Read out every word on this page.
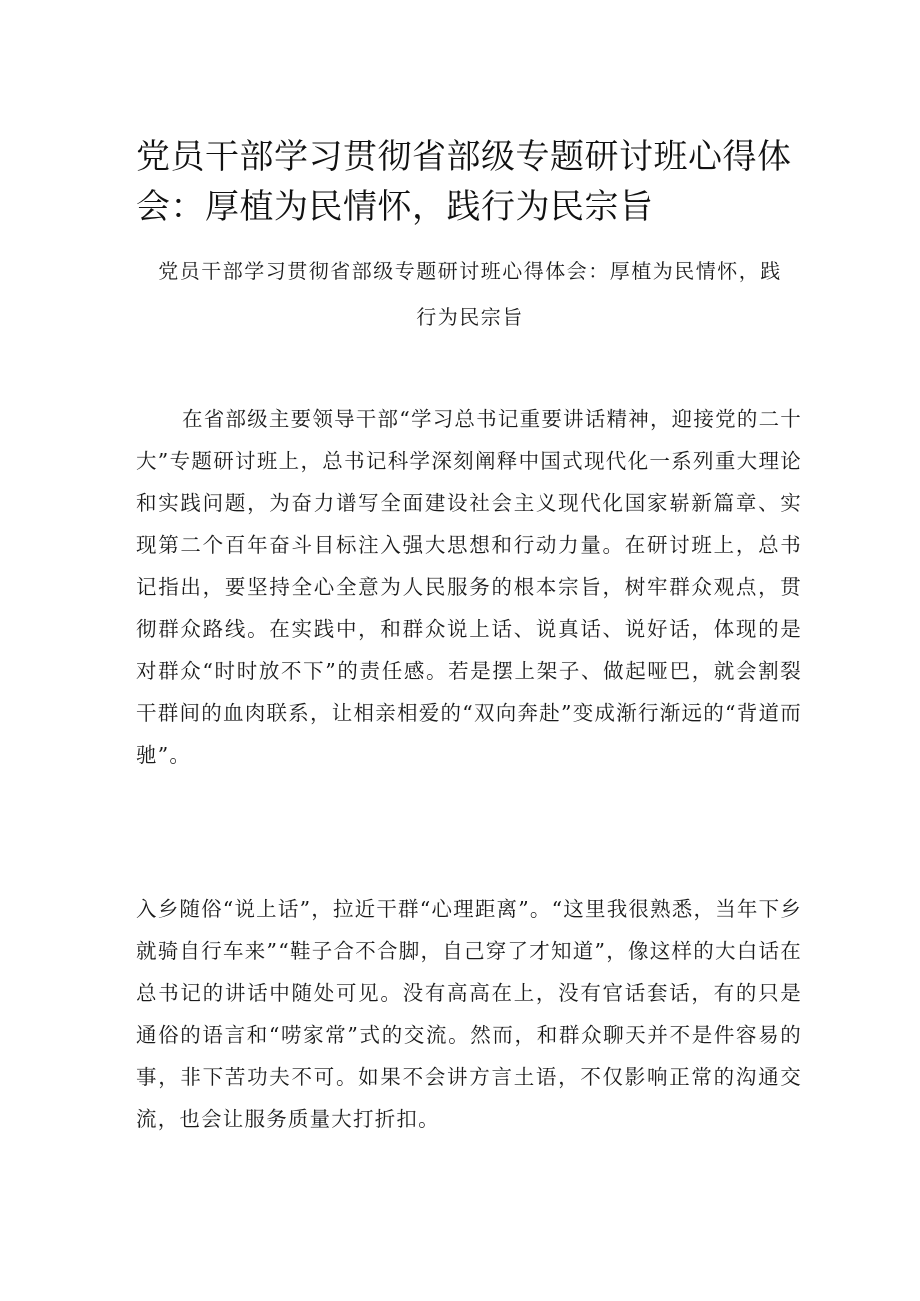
党员干部学习贯彻省部级专题研讨班心得体会：厚植为民情怀，践行为民宗旨

党员干部学习贯彻省部级专题研讨班心得体会：厚植为民情怀，践行为民宗旨

在省部级主要领导干部“学习总书记重要讲话精神，迎接党的二十大”专题研讨班上，总书记科学深刻阐释中国式现代化一系列重大理论和实践问题，为奋力谱写全面建设社会主义现代化国家崭新篇章、实现第二个百年奋斗目标注入强大思想和行动力量。在研讨班上，总书记指出，要坚持全心全意为人民服务的根本宗旨，树牢群众观点，贯彻群众路线。在实践中，和群众说上话、说真话、说好话，体现的是对群众“时时放不下”的责任感。若是摆上架子、做起哑巴，就会割裂干群间的血肉联系，让相亲相爱的“双向奔赴”变成渐行渐远的“背道而驰”。

入乡随俗“说上话”，拉近干群“心理距离”。“这里我很熟悉，当年下乡就骑自行车来”“鞋子合不合脚，自己穿了才知道”，像这样的大白话在总书记的讲话中随处可见。没有高高在上，没有官话套话，有的只是通俗的语言和“唠家常”式的交流。然而，和群众聊天并不是件容易的事，非下苦功夫不可。如果不会讲方言土语，不仅影响正常的沟通交流，也会让服务质量大打折扣。
